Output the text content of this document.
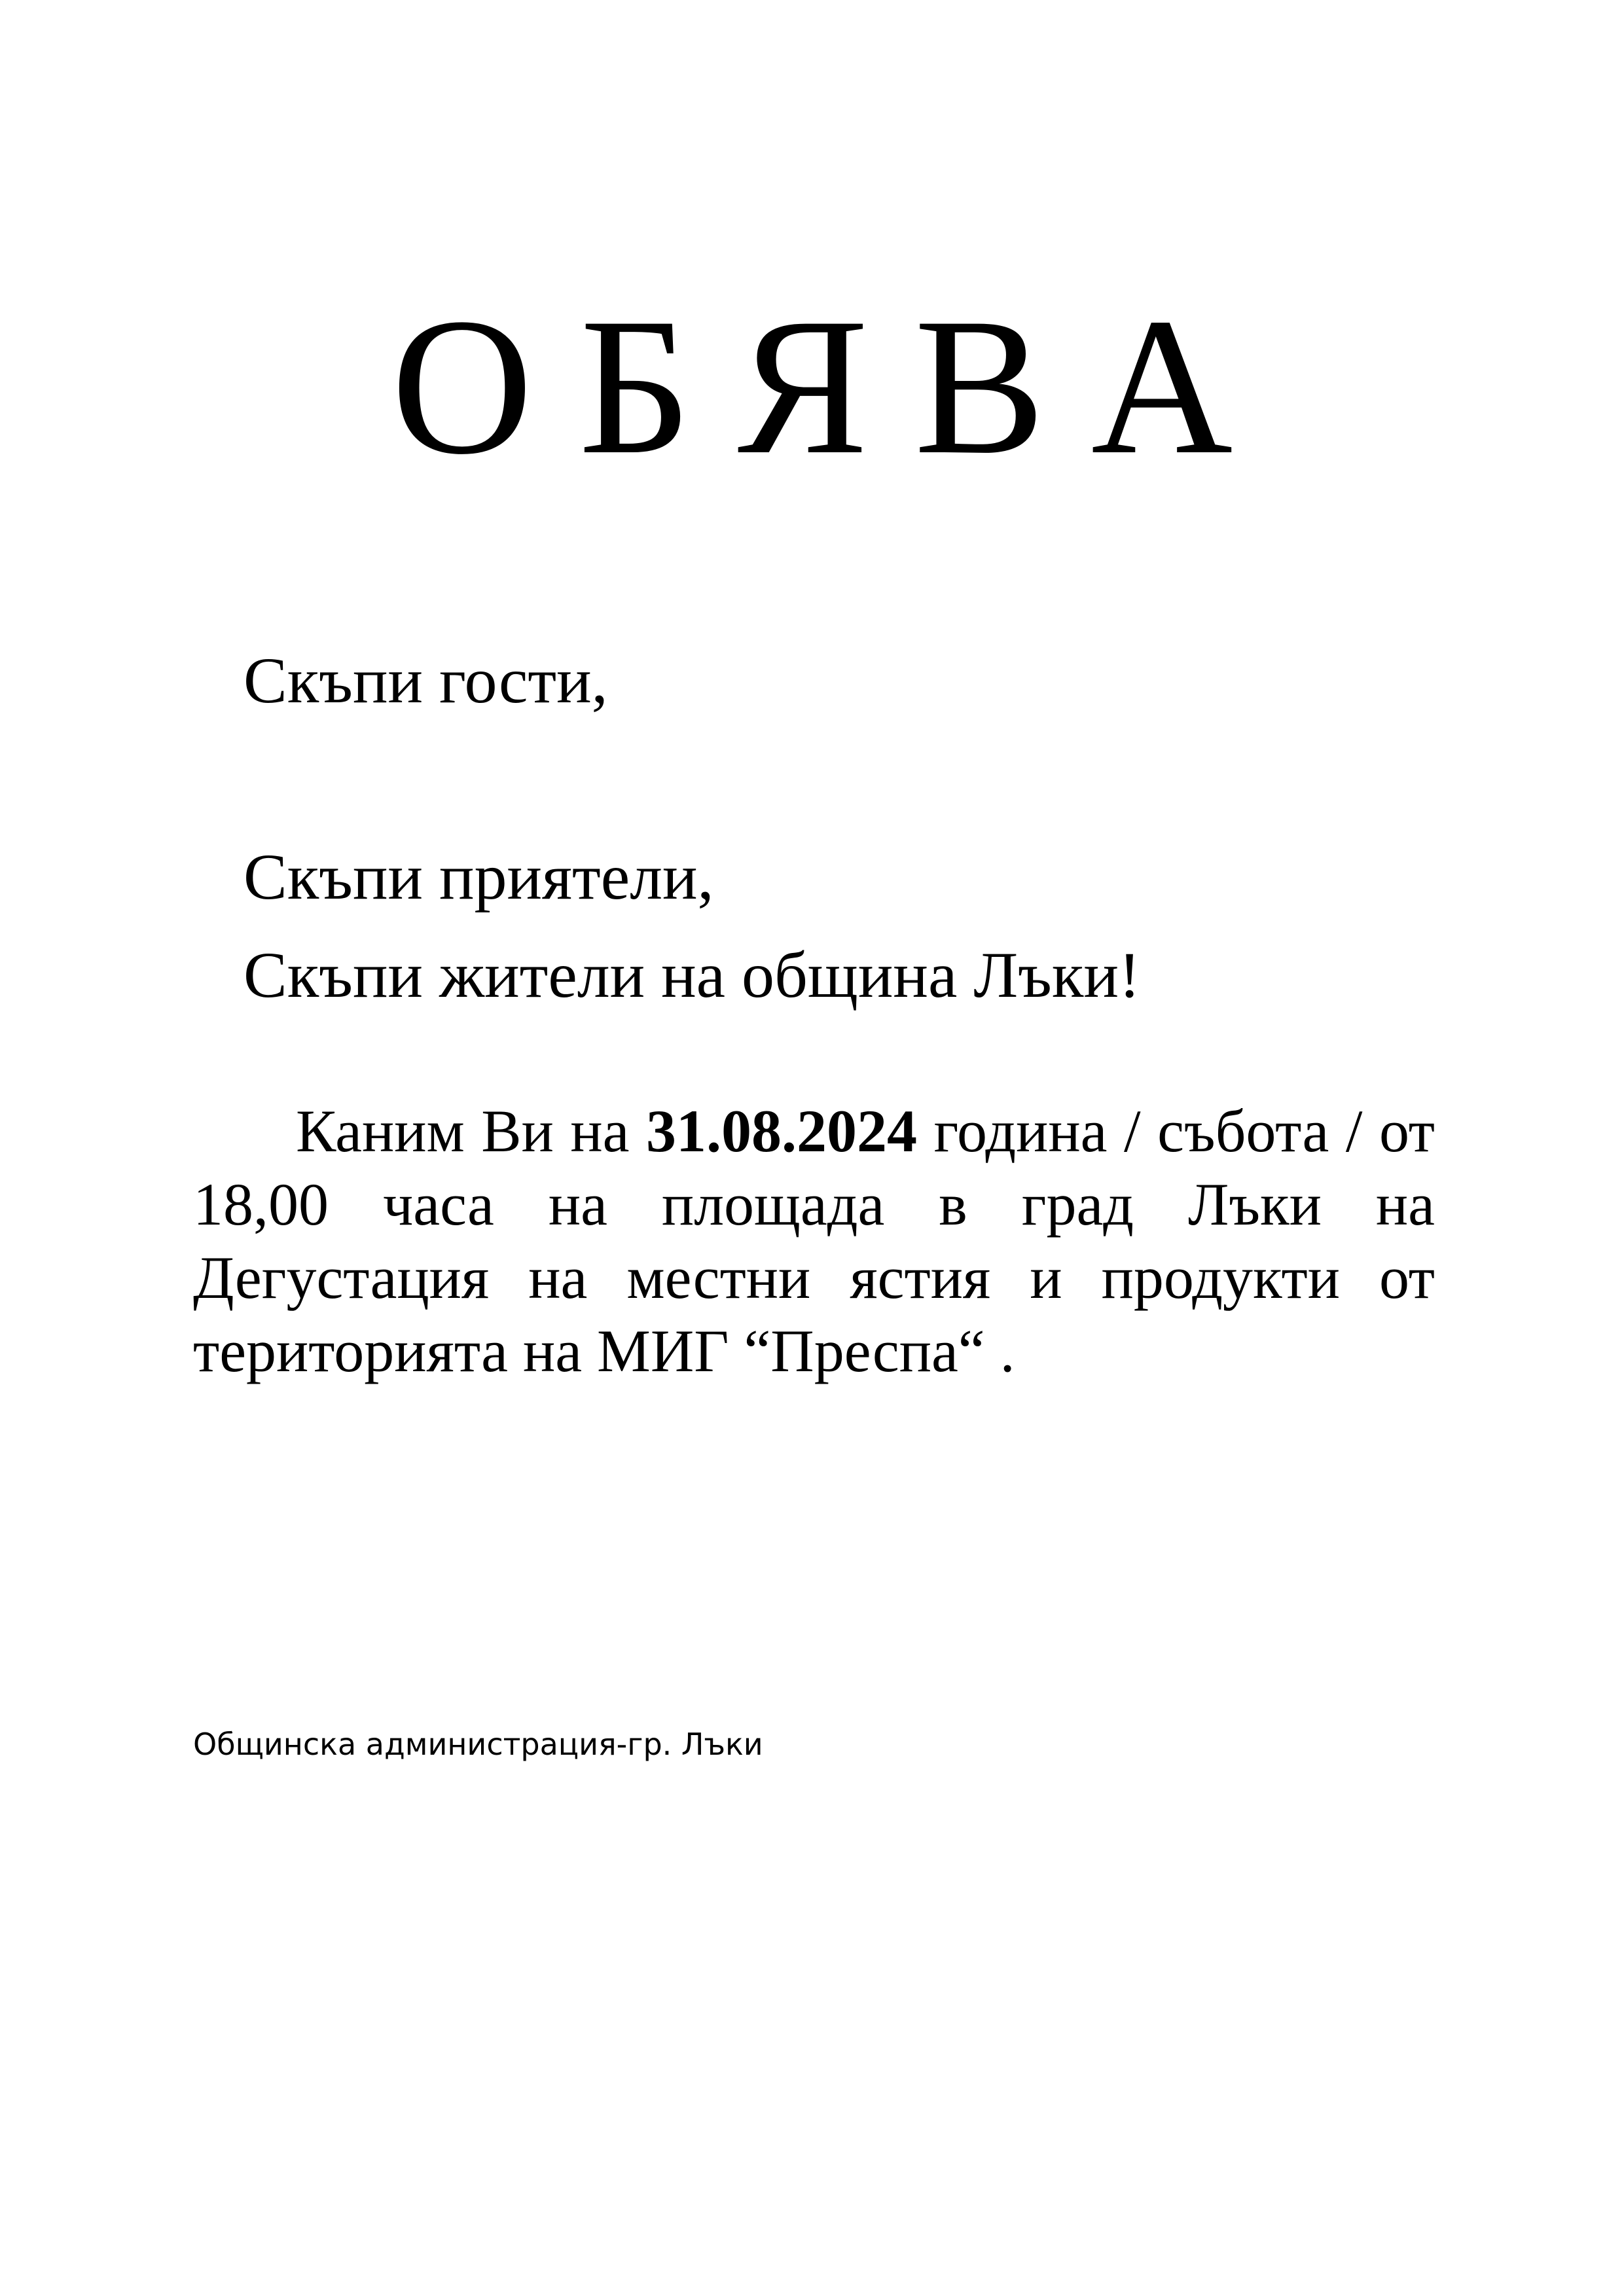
О Б Я В А
Скъпи гости,
Скъпи приятели,
Скъпи жители на община Лъки!

Каним Ви на 31.08.2024 година / събота / от 18,00 часа на площада в град Лъки на Дегустация на местни ястия и продукти от територията на МИГ “Преспа“ .

Общинска администрация-гр. Лъки
